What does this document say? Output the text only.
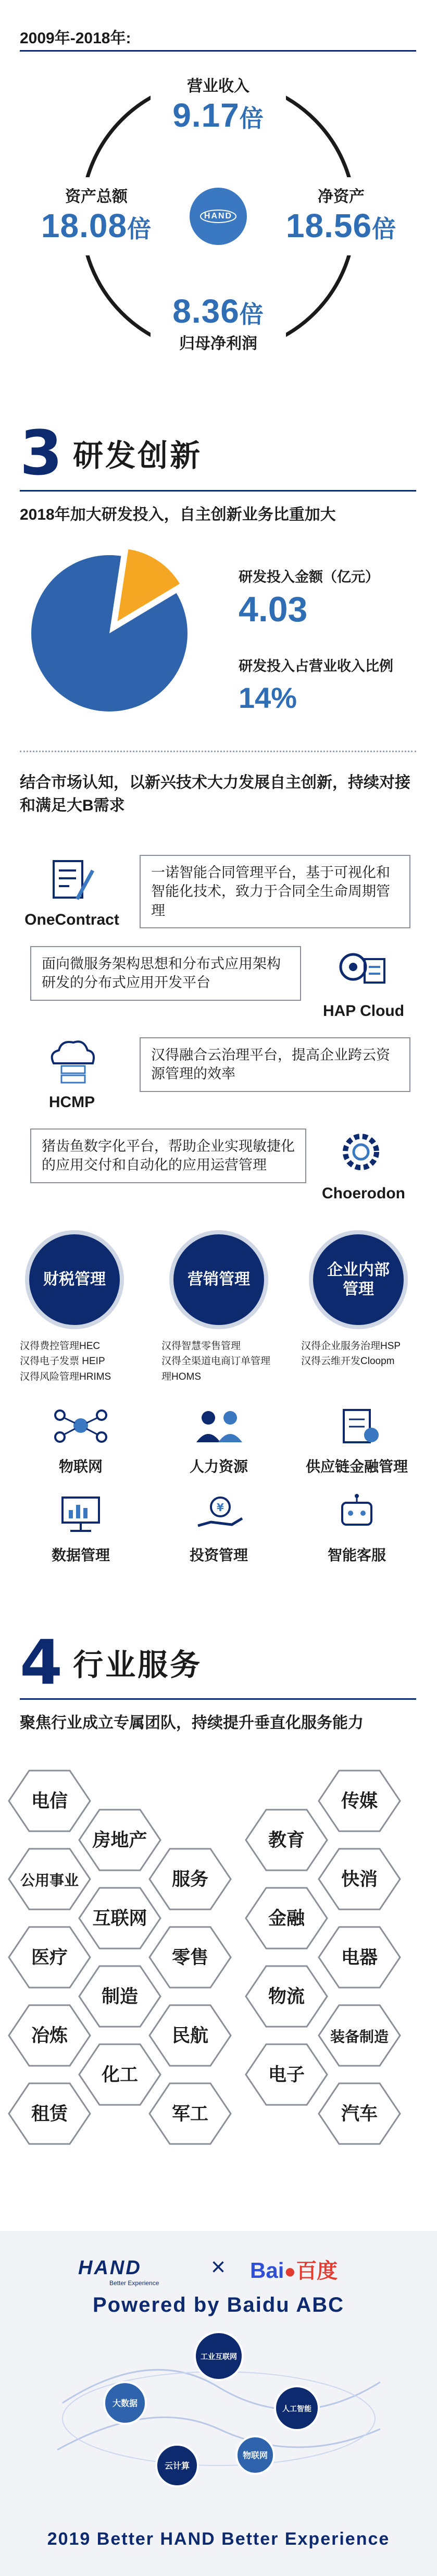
2009年-2018年:
HAND
营业收入
9.17倍
资产总额
18.08倍
净资产
18.56倍
8.36倍
归母净利润
3 研发创新
2018年加大研发投入，自主创新业务比重加大
研发投入金额（亿元）
4.03
研发投入占营业收入比例
14%
结合市场认知，以新兴技术大力发展自主创新，持续对接和满足大B需求
OneContract
一诺智能合同管理平台，基于可视化和智能化技术，致力于合同全生命周期管理
面向微服务架构思想和分布式应用架构研发的分布式应用开发平台
HAP Cloud
HCMP
汉得融合云治理平台，提高企业跨云资源管理的效率
猪齿鱼数字化平台，帮助企业实现敏捷化的应用交付和自动化的应用运营管理
Choerodon
财税管理
汉得费控管理HEC
汉得电子发票 HEIP
汉得风险管理HRIMS
营销管理
汉得智慧零售管理
汉得全渠道电商订单管理
理HOMS
企业内部管理
汉得企业服务治理HSP
汉得云维开发Cloopm
物联网	人力资源	供应链金融管理
数据管理
¥
投资管理	智能客服
4 行业服务
聚焦行业成立专属团队，持续提升垂直化服务能力
电信	传媒
房地产	教育
公用事业	服务	快消
互联网	金融
医疗	零售	电器
制造	物流
冶炼	民航	装备制造
化工	电子
租赁	军工	汽车
HAND
Better Experience
× Bai●百度
Powered by Baidu ABC
工业互联网
大数据
人工智能
物联网
云计算
2019 Better HAND Better Experience
